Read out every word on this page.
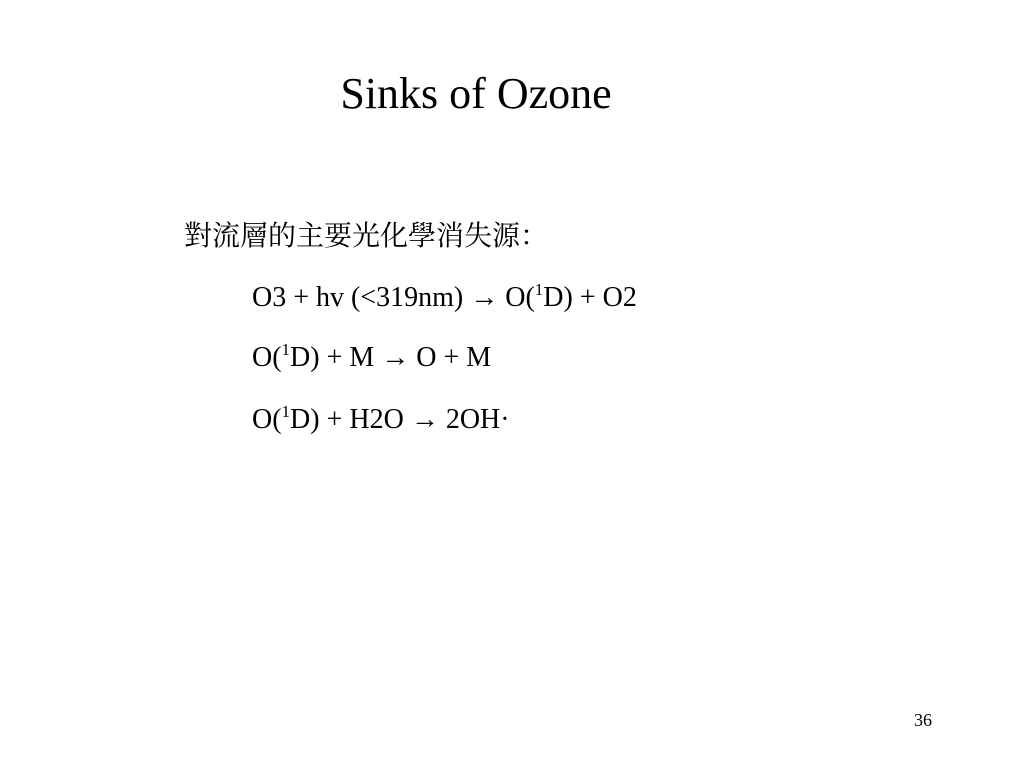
Sinks of Ozone
對流層的主要光化學消失源：
O3 + hv (<319nm) → O($^1$D) + O2
O($^1$D) + M → O + M
O($^1$D) + H2O → 2OH·
36
